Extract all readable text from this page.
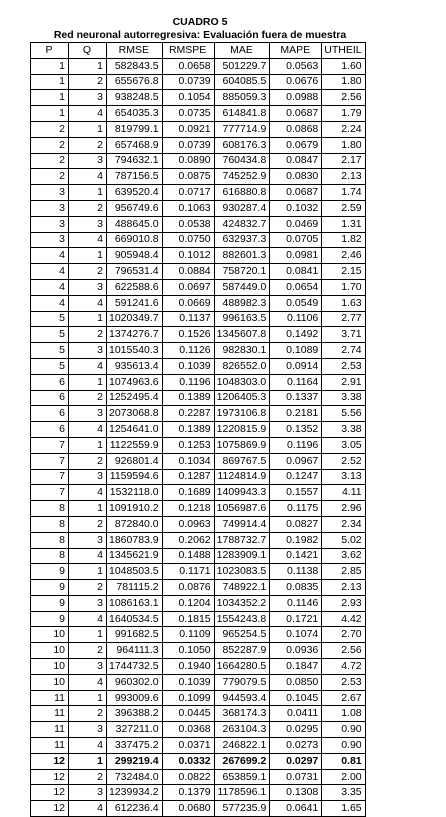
CUADRO 5
Red neuronal autorregresiva: Evaluación fuera de muestra
P	Q	RMSE	RMSPE	MAE	MAPE	UTHEIL
1	1	582843.5	0.0658	501229.7	0.0563	1.60
1	2	655676.8	0.0739	604085.5	0.0676	1.80
1	3	938248.5	0.1054	885059.3	0.0988	2.56
1	4	654035.3	0.0735	614841.8	0.0687	1.79
2	1	819799.1	0.0921	777714.9	0.0868	2.24
2	2	657468.9	0.0739	608176.3	0.0679	1.80
2	3	794632.1	0.0890	760434.8	0.0847	2.17
2	4	787156.5	0.0875	745252.9	0.0830	2.13
3	1	639520.4	0.0717	616880.8	0.0687	1.74
3	2	956749.6	0.1063	930287.4	0.1032	2.59
3	3	488645.0	0.0538	424832.7	0.0469	1.31
3	4	669010.8	0.0750	632937.3	0.0705	1.82
4	1	905948.4	0.1012	882601.3	0.0981	2.46
4	2	796531.4	0.0884	758720.1	0.0841	2.15
4	3	622588.6	0.0697	587449.0	0.0654	1.70
4	4	591241.6	0.0669	488982.3	0.0549	1.63
5	1	1020349.7	0.1137	996163.5	0.1106	2.77
5	2	1374276.7	0.1526	1345607.8	0.1492	3.71
5	3	1015540.3	0.1126	982830.1	0.1089	2.74
5	4	935613.4	0.1039	826552.0	0.0914	2.53
6	1	1074963.6	0.1196	1048303.0	0.1164	2.91
6	2	1252495.4	0.1389	1206405.3	0.1337	3.38
6	3	2073068.8	0.2287	1973106.8	0.2181	5.56
6	4	1254641.0	0.1389	1220815.9	0.1352	3.38
7	1	1122559.9	0.1253	1075869.9	0.1196	3.05
7	2	926801.4	0.1034	869767.5	0.0967	2.52
7	3	1159594.6	0.1287	1124814.9	0.1247	3.13
7	4	1532118.0	0.1689	1409943.3	0.1557	4.11
8	1	1091910.2	0.1218	1056987.6	0.1175	2.96
8	2	872840.0	0.0963	749914.4	0.0827	2.34
8	3	1860783.9	0.2062	1788732.7	0.1982	5.02
8	4	1345621.9	0.1488	1283909.1	0.1421	3.62
9	1	1048503.5	0.1171	1023083.5	0.1138	2.85
9	2	781115.2	0.0876	748922.1	0.0835	2.13
9	3	1086163.1	0.1204	1034352.2	0.1146	2.93
9	4	1640534.5	0.1815	1554243.8	0.1721	4.42
10	1	991682.5	0.1109	965254.5	0.1074	2.70
10	2	964111.3	0.1050	852287.9	0.0936	2.56
10	3	1744732.5	0.1940	1664280.5	0.1847	4.72
10	4	960302.0	0.1039	779079.5	0.0850	2.53
11	1	993009.6	0.1099	944593.4	0.1045	2.67
11	2	396388.2	0.0445	368174.3	0.0411	1.08
11	3	327211.0	0.0368	263104.3	0.0295	0.90
11	4	337475.2	0.0371	246822.1	0.0273	0.90
12	1	299219.4	0.0332	267699.2	0.0297	0.81
12	2	732484.0	0.0822	653859.1	0.0731	2.00
12	3	1239934.2	0.1379	1178596.1	0.1308	3.35
12	4	612236.4	0.0680	577235.9	0.0641	1.65
